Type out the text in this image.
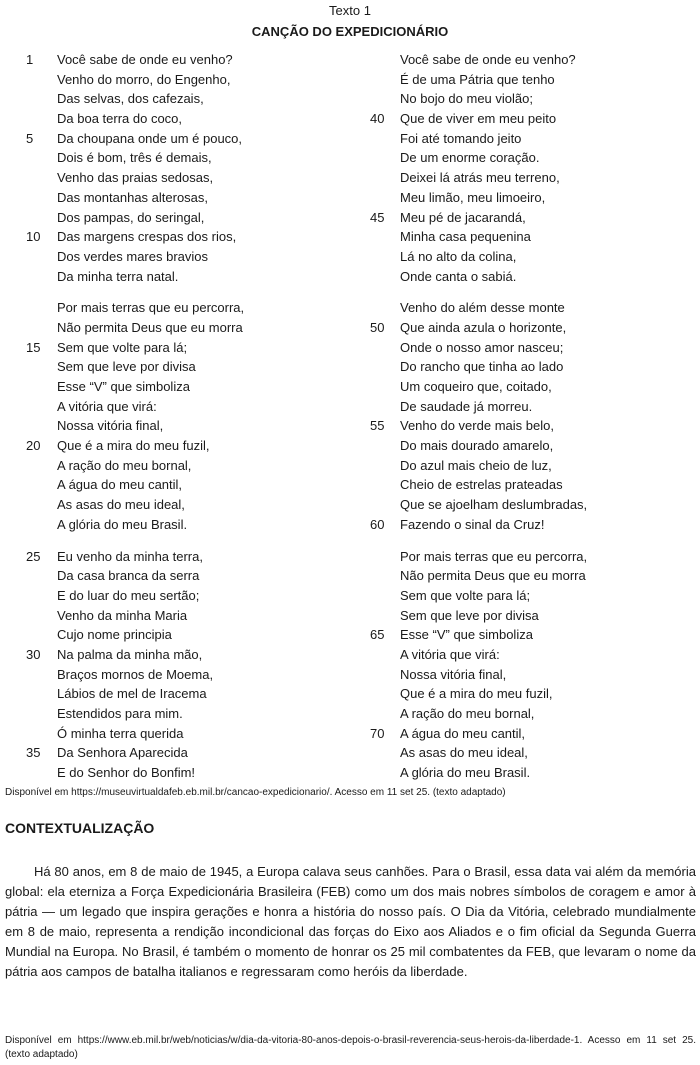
Texto 1
CANÇÃO DO EXPEDICIONÁRIO
1	Você sabe de onde eu venho?
Venho do morro, do Engenho,
Das selvas, dos cafezais,
Da boa terra do coco,
5	Da choupana onde um é pouco,
Dois é bom, três é demais,
Venho das praias sedosas,
Das montanhas alterosas,
Dos pampas, do seringal,
10	Das margens crespas dos rios,
Dos verdes mares bravios
Da minha terra natal.
Por mais terras que eu percorra,
Não permita Deus que eu morra
15	Sem que volte para lá;
Sem que leve por divisa
Esse “V” que simboliza
A vitória que virá:
Nossa vitória final,
20	Que é a mira do meu fuzil,
A ração do meu bornal,
A água do meu cantil,
As asas do meu ideal,
A glória do meu Brasil.
25	Eu venho da minha terra,
Da casa branca da serra
E do luar do meu sertão;
Venho da minha Maria
Cujo nome principia
30	Na palma da minha mão,
Braços mornos de Moema,
Lábios de mel de Iracema
Estendidos para mim.
Ó minha terra querida
35	Da Senhora Aparecida
E do Senhor do Bonfim!
Você sabe de onde eu venho?
É de uma Pátria que tenho
No bojo do meu violão;
40	Que de viver em meu peito
Foi até tomando jeito
De um enorme coração.
Deixei lá atrás meu terreno,
Meu limão, meu limoeiro,
45	Meu pé de jacarandá,
Minha casa pequenina
Lá no alto da colina,
Onde canta o sabiá.
Venho do além desse monte
50	Que ainda azula o horizonte,
Onde o nosso amor nasceu;
Do rancho que tinha ao lado
Um coqueiro que, coitado,
De saudade já morreu.
55	Venho do verde mais belo,
Do mais dourado amarelo,
Do azul mais cheio de luz,
Cheio de estrelas prateadas
Que se ajoelham deslumbradas,
60	Fazendo o sinal da Cruz!
Por mais terras que eu percorra,
Não permita Deus que eu morra
Sem que volte para lá;
Sem que leve por divisa
65	Esse “V” que simboliza
A vitória que virá:
Nossa vitória final,
Que é a mira do meu fuzil,
A ração do meu bornal,
70	A água do meu cantil,
As asas do meu ideal,
A glória do meu Brasil.
Disponível em https://museuvirtualdafeb.eb.mil.br/cancao-expedicionario/. Acesso em 11 set 25. (texto adaptado)
CONTEXTUALIZAÇÃO

Há 80 anos, em 8 de maio de 1945, a Europa calava seus canhões. Para o Brasil, essa data vai além da memória global: ela eterniza a Força Expedicionária Brasileira (FEB) como um dos mais nobres símbolos de coragem e amor à pátria — um legado que inspira gerações e honra a história do nosso país. O Dia da Vitória, celebrado mundialmente em 8 de maio, representa a rendição incondicional das forças do Eixo aos Aliados e o fim oficial da Segunda Guerra Mundial na Europa. No Brasil, é também o momento de honrar os 25 mil combatentes da FEB, que levaram o nome da pátria aos campos de batalha italianos e regressaram como heróis da liberdade.

Disponível em https://www.eb.mil.br/web/noticias/w/dia-da-vitoria-80-anos-depois-o-brasil-reverencia-seus-herois-da-liberdade-1. Acesso em 11 set 25. (texto adaptado)
